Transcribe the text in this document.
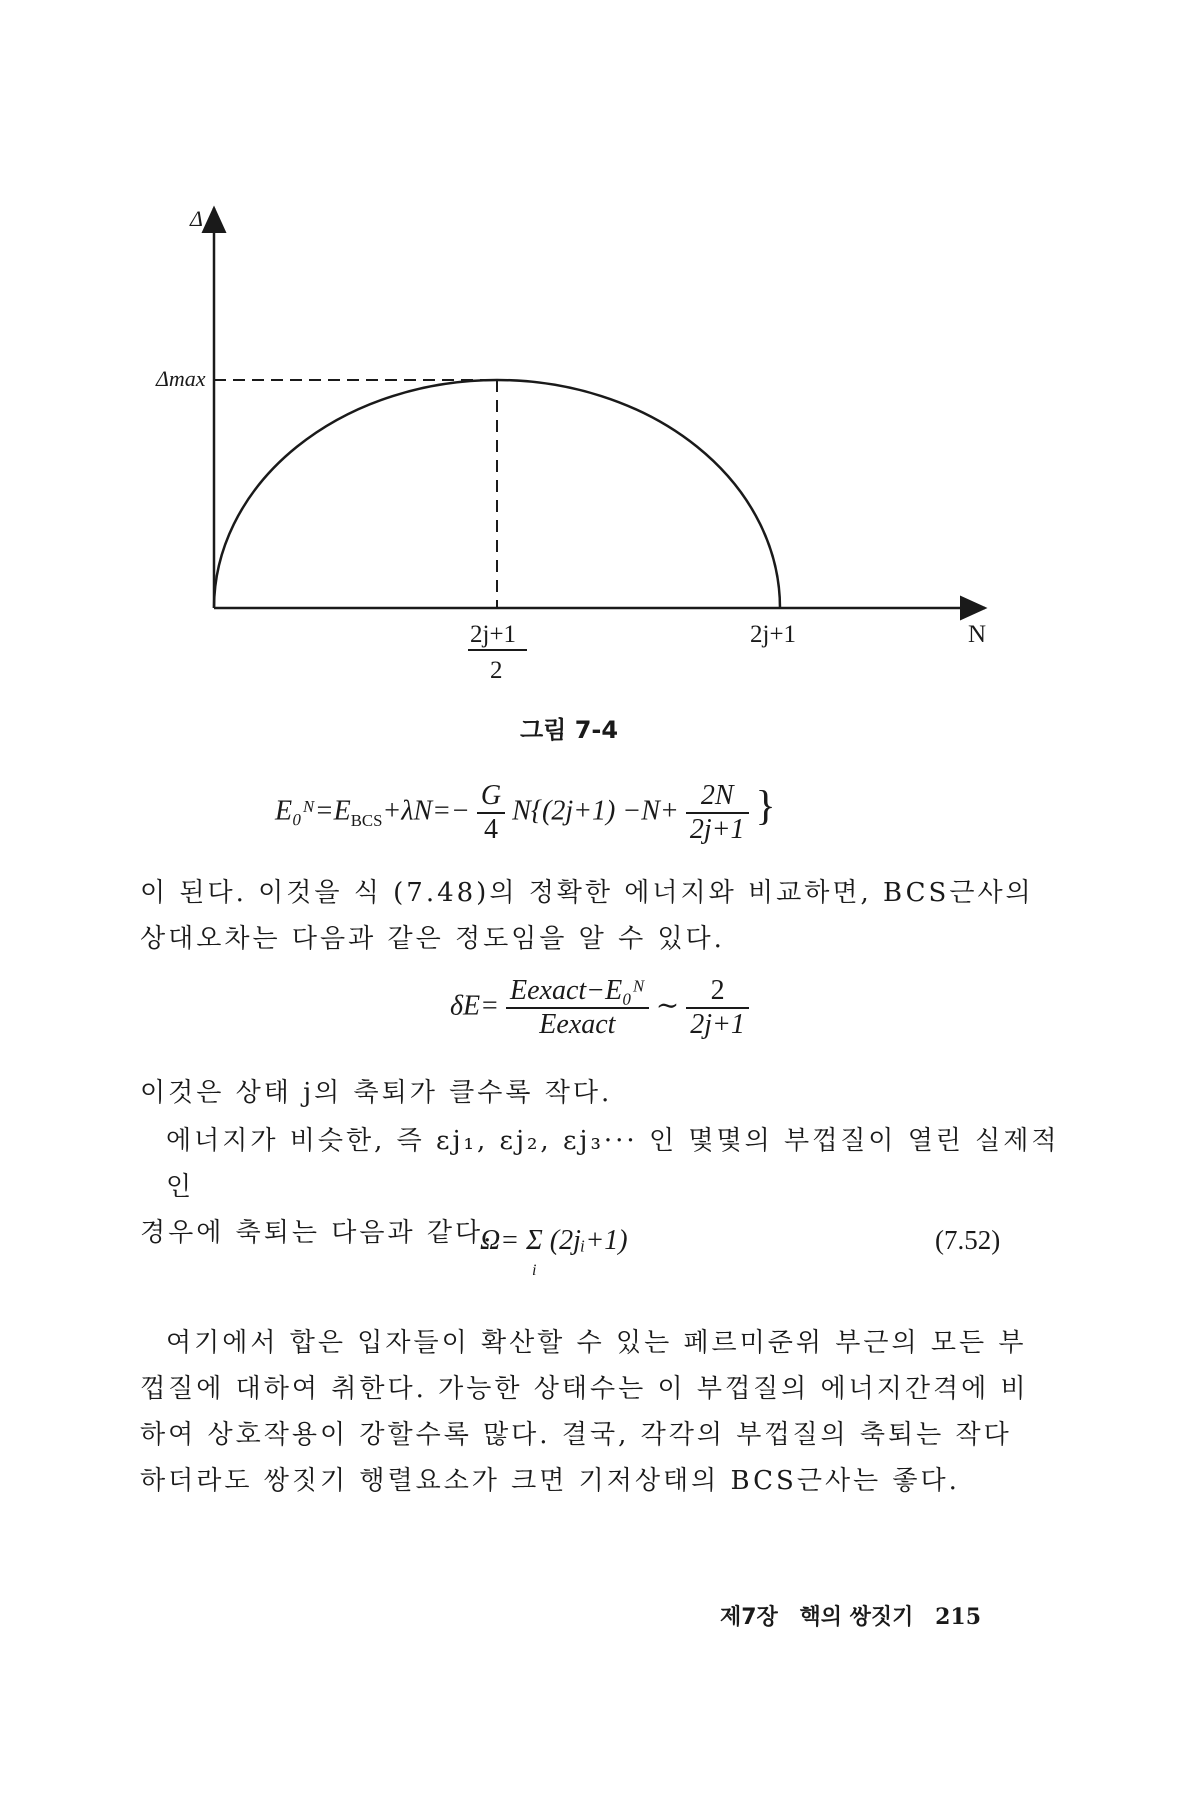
Δ
Δmax
2j+1
2
2j+1	N
그림 7-4
$E_0ᴺ=E_{BCS}+\lambda N=- \frac{G}{4} N\{(2j+1) -N+ \frac{2N}{2j+1}$ }
이 된다. 이것을 식 (7.48)의 정확한 에너지와 비교하면, BCS근사의
상대오차는 다음과 같은 정도임을 알 수 있다.
$\delta E= \frac{\text{Eexact−E₀ᴺ}}{\text{Eexact}}$ ∼ $\frac{2}{2j+1}$
이것은 상태 j의 축퇴가 클수록 작다.
에너지가 비슷한, 즉 εj₁, εj₂, εj₃··· 인 몇몇의 부껍질이 열린 실제적인
경우에 축퇴는 다음과 같다.
Ω= Σ (2jᵢ+1)
i
(7.52)
여기에서 합은 입자들이 확산할 수 있는 페르미준위 부근의 모든 부
껍질에 대하여 취한다. 가능한 상태수는 이 부껍질의 에너지간격에 비
하여 상호작용이 강할수록 많다. 결국, 각각의 부껍질의 축퇴는 작다
하더라도 쌍짓기 행렬요소가 크면 기저상태의 BCS근사는 좋다.
제7장 핵의 쌍짓기 215
